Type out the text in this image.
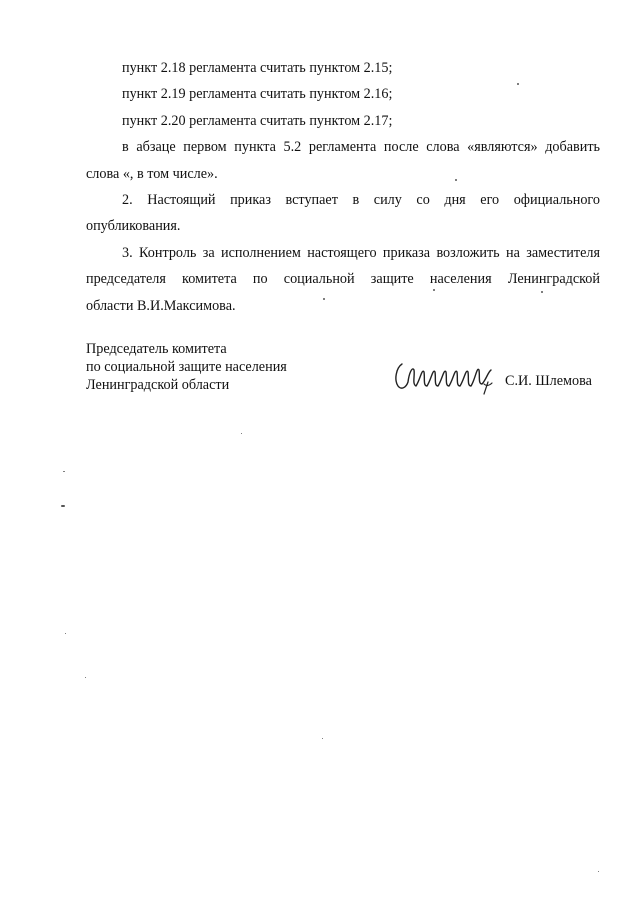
пункт 2.18 регламента считать пунктом 2.15;
пункт 2.19 регламента считать пунктом 2.16;
пункт 2.20 регламента считать пунктом 2.17;
в абзаце первом пункта 5.2 регламента после слова «являются» добавить
слова «, в том числе».
2. Настоящий приказ вступает в силу со дня его официального
опубликования.
3. Контроль за исполнением настоящего приказа возложить на заместителя
председателя комитета по социальной защите населения Ленинградской
области В.И.Максимова.
Председатель комитета
по социальной защите населения
Ленинградской области	С.И. Шлемова
